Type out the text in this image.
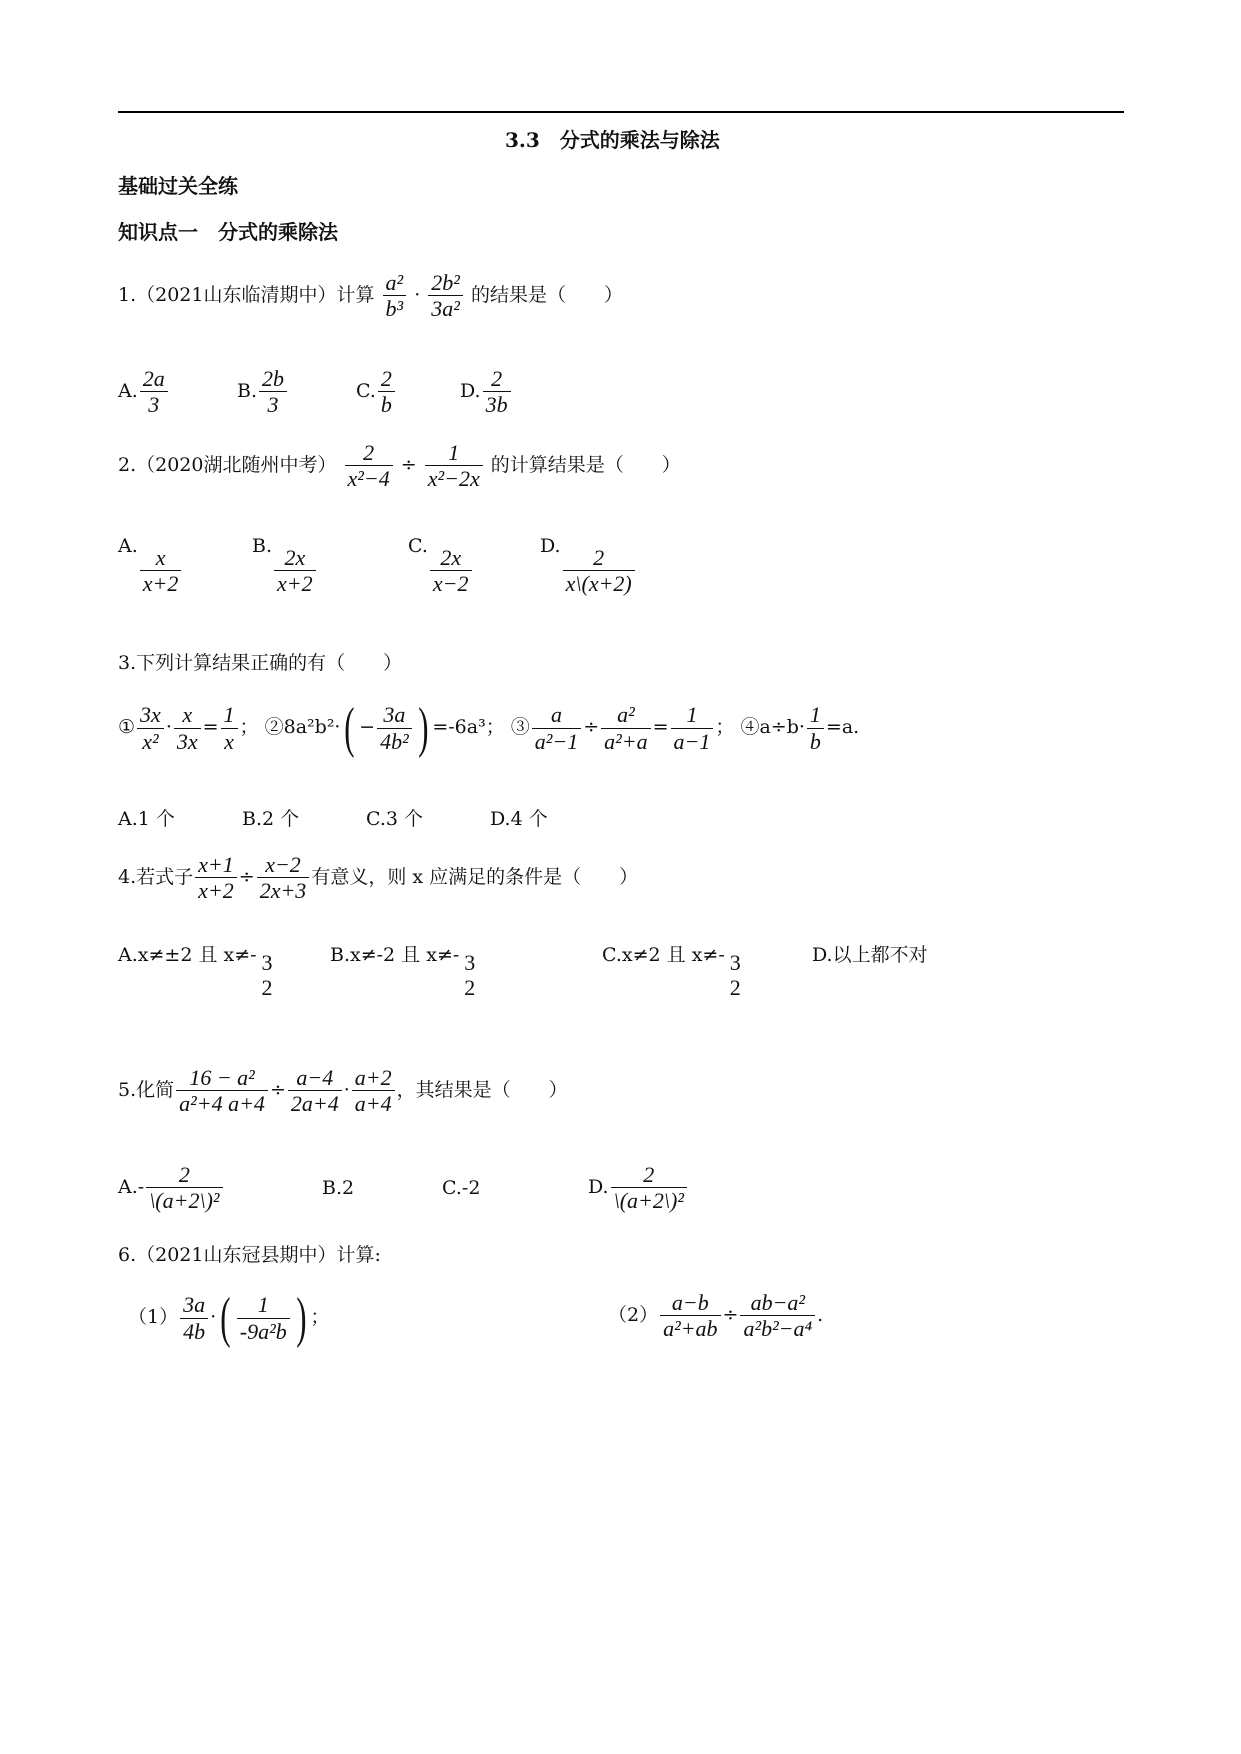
3.3　分式的乘法与除法
基础过关全练
知识点一　分式的乘除法
1.（2021山东临清期中）计算 $\frac{\text{a²}}{\text{b³}} \cdot \frac{\text{2b²}}{\text{3a²}}$ 的结果是（　　）
A. $\frac{2a}{3}$	B. $\frac{2b}{3}$	C. $\frac{2}{b}$	D. $\frac{2}{3b}$
2.（2020湖北随州中考） $\frac{2}{\text{x²−4}} \div \frac{1}{\text{x²−2x}}$ 的计算结果是（　　）
A. $\frac{x}{x+2}$	B. $\frac{2x}{x+2}$	C. $\frac{2x}{x-2}$	D. $\frac{2}{x\backslash(x+2)}$
3.下列计算结果正确的有（　　）
① $\frac{3x}{\text{x²}} \cdot \frac{x}{3x} = \frac{1}{x}$ ； ②8a²b²·( − $\frac{3a}{\text{4b²}}$ ) =-6a³； ③ $\frac{a}{\text{a²−1}} \div \frac{\text{a²}}{\text{a²+a}} = \frac{1}{a-1}$ ； ④a÷b· $\frac{1}{b} =a$.
A.1 个	B.2 个	C.3 个	D.4 个
4.若式子 $\frac{x+1}{x+2} \div \frac{x-2}{2x+3}$ 有意义，则 x 应满足的条件是（　　）
A.x≠±2 且 x≠- 3
2
B.x≠-2 且 x≠- 3
2
C.x≠2 且 x≠- 3
2
D.以上都不对
5.化简 $\frac{\text{16 − a²}}{\text{a²+4 a+4}} \div \frac{a-4}{2a+4} \cdot \frac{a+2}{a+4}$ ，其结果是（　　）
$A.- \frac{2}{\text{\textbackslash{}(a+2\textbackslash{})²}}$	B.2	C.-2	D. $\frac{2}{\text{\textbackslash{}(a+2\textbackslash{})²}}$
6.（2021山东冠县期中）计算:
$(1) \frac{3a}{4b}$ ·( $\frac{1}{\text{-9a²b}}$ ) ；	$(2) \frac{a-b}{\text{a²+ab}} \div \frac{\text{ab−a²}}{\text{a²b²−a⁴}}$ .
